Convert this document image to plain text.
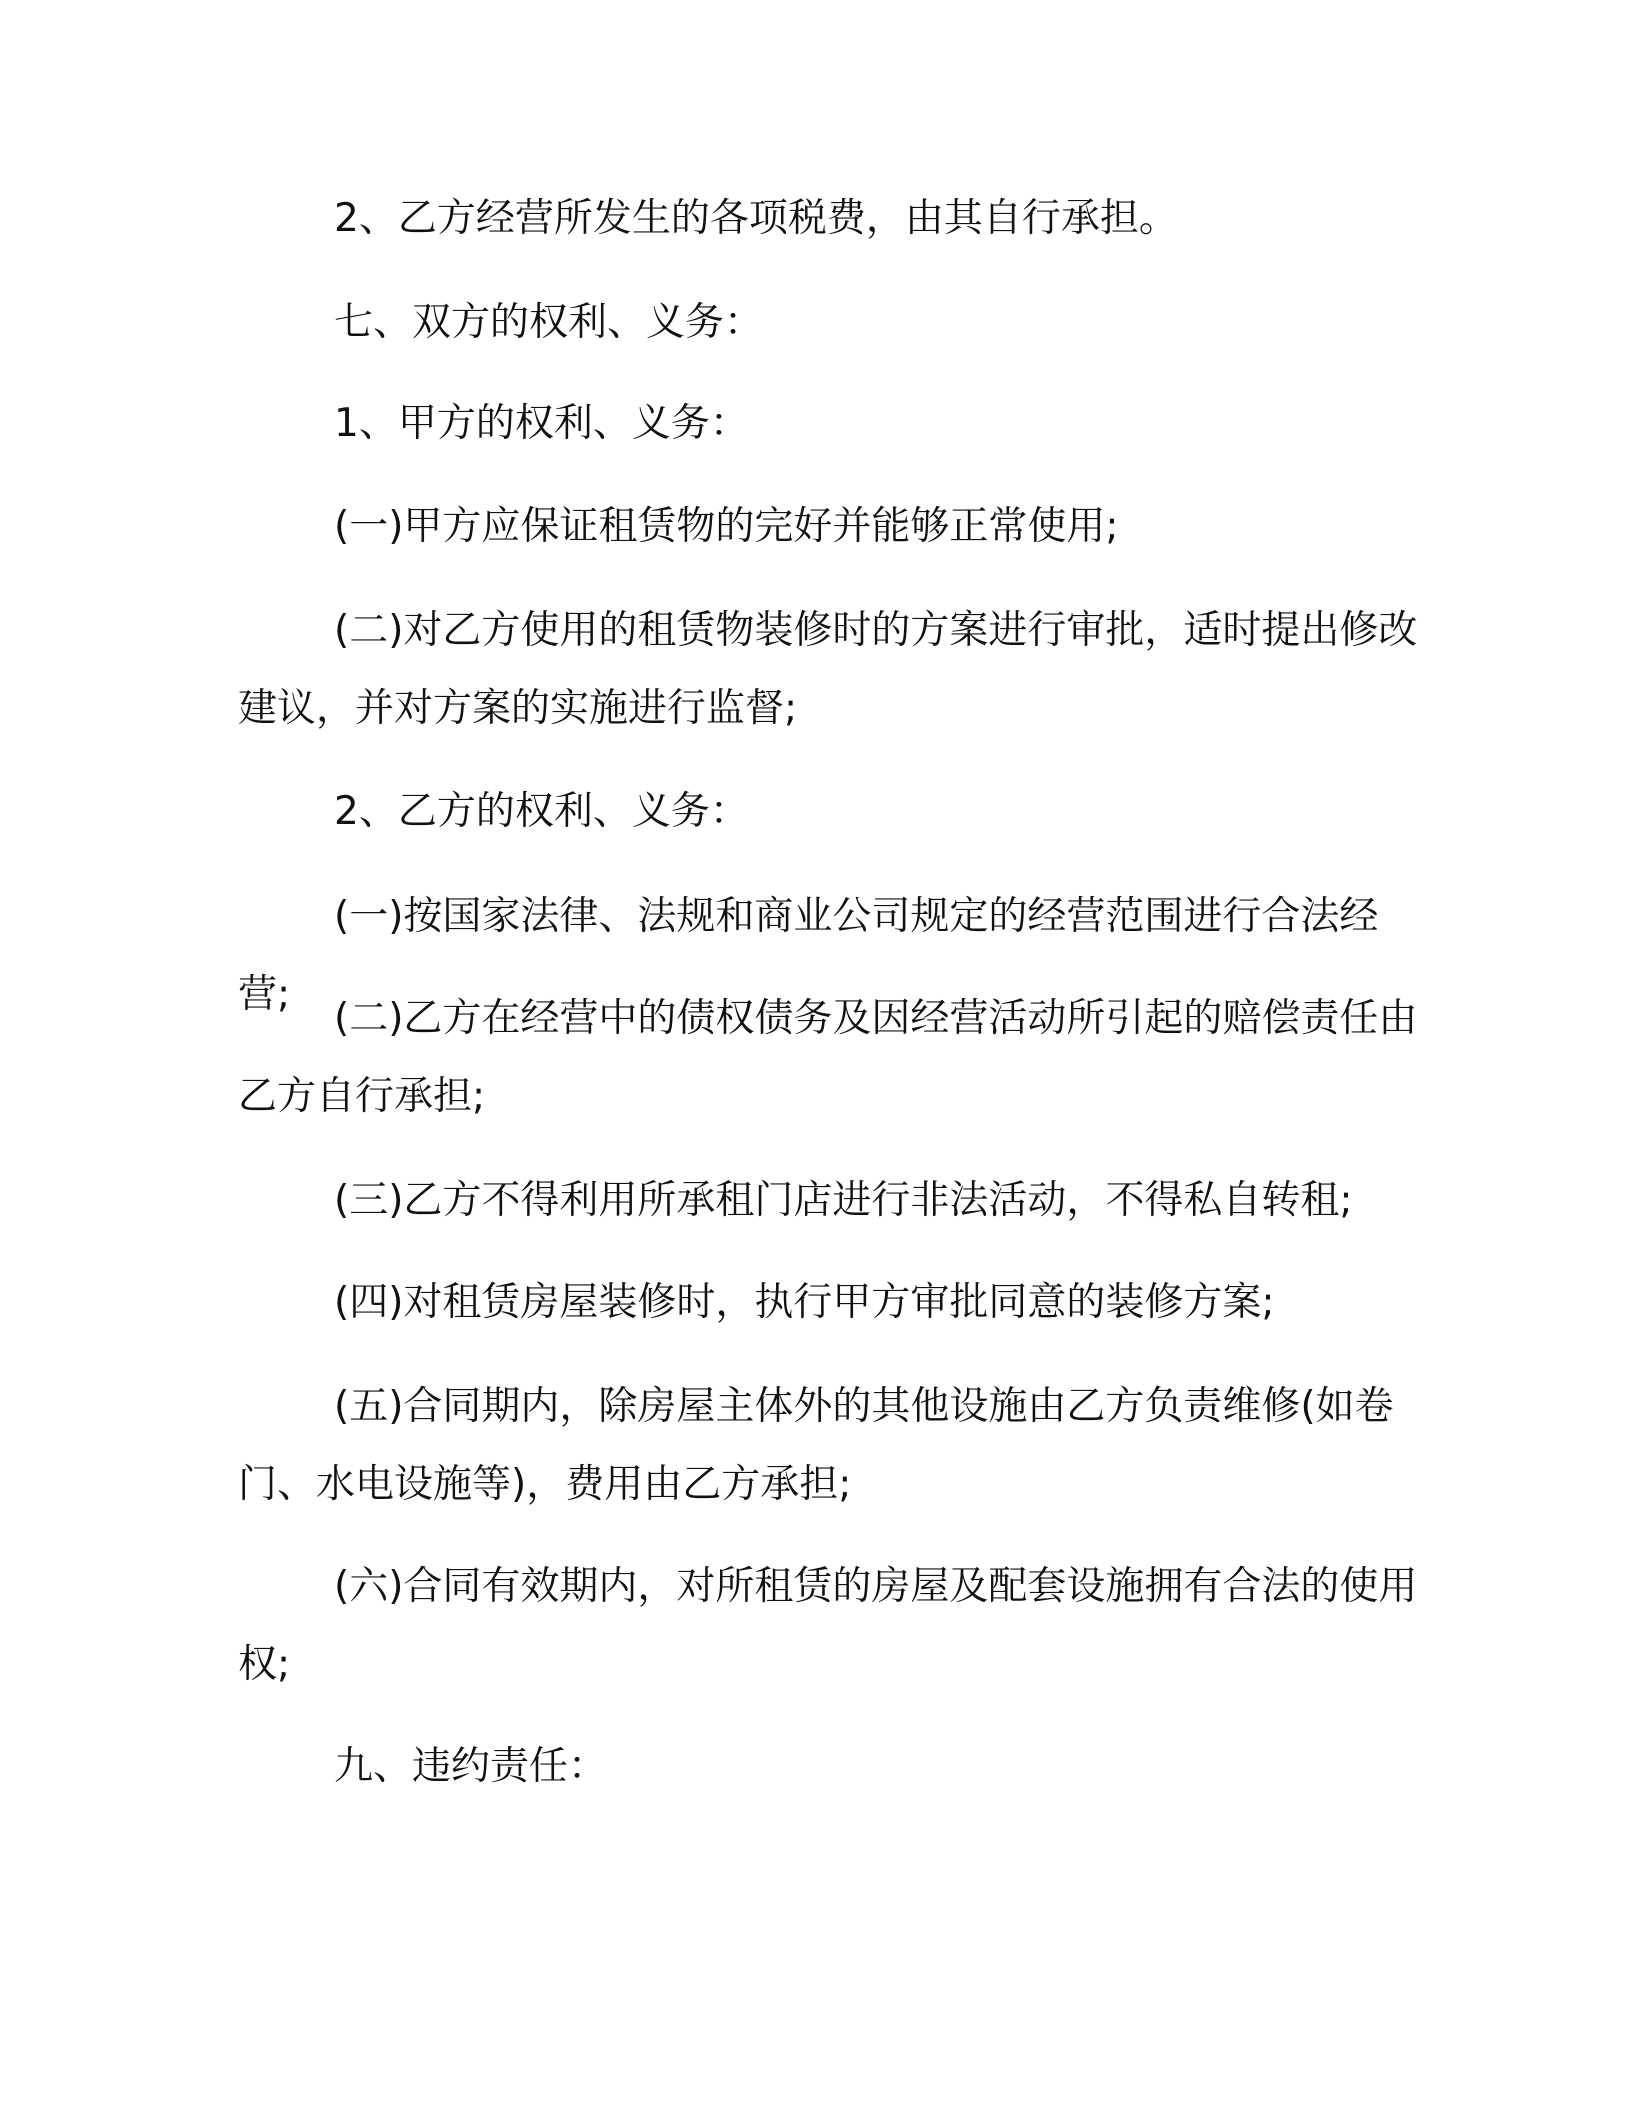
2、乙方经营所发生的各项税费，由其自行承担。

七、双方的权利、义务：

1、甲方的权利、义务：

(一)甲方应保证租赁物的完好并能够正常使用;

(二)对乙方使用的租赁物装修时的方案进行审批，适时提出修改建议，并对方案的实施进行监督;

2、乙方的权利、义务：

(一)按国家法律、法规和商业公司规定的经营范围进行合法经营;

(二)乙方在经营中的债权债务及因经营活动所引起的赔偿责任由乙方自行承担;

(三)乙方不得利用所承租门店进行非法活动，不得私自转租;

(四)对租赁房屋装修时，执行甲方审批同意的装修方案;

(五)合同期内，除房屋主体外的其他设施由乙方负责维修(如卷门、水电设施等)，费用由乙方承担;

(六)合同有效期内，对所租赁的房屋及配套设施拥有合法的使用权;

九、违约责任：
